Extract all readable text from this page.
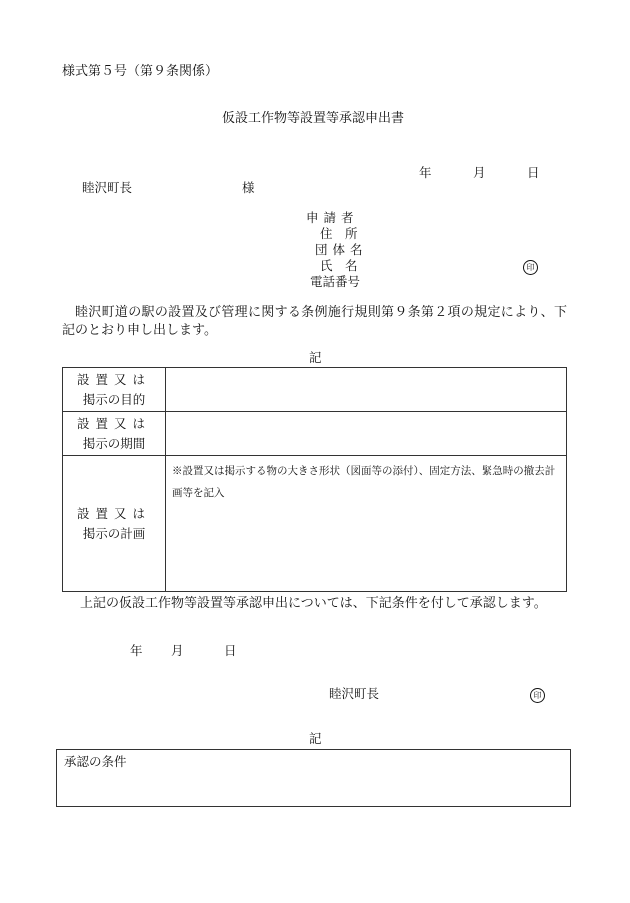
様式第５号（第９条関係）
仮設工作物等設置等承認申出書
年	月	日
睦沢町長	様
申請者
住　所
団体名
氏　名
電話番号
印
睦沢町道の駅の設置及び管理に関する条例施行規則第９条第２項の規定により、下記のとおり申し出します。
記
設置又は
掲示の目的	

設置又は
掲示の期間	

設置又は
掲示の計画	※設置又は掲示する物の大きさ形状（図面等の添付）、固定方法、緊急時の撤去計画等を記入
上記の仮設工作物等設置等承認申出については、下記条件を付して承認します。
年 月	日
睦沢町長	印
記
承認の条件
